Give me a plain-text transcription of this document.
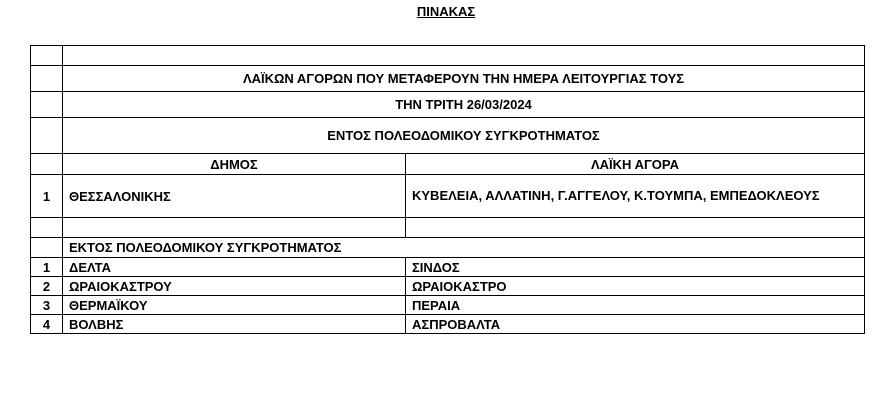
ΠΙΝΑΚΑΣ

	ΛΑΪΚΩΝ ΑΓΟΡΩΝ ΠΟΥ ΜΕΤΑΦΕΡΟΥΝ ΤΗΝ ΗΜΕΡΑ ΛΕΙΤΟΥΡΓΙΑΣ ΤΟΥΣ	
	ΤΗΝ ΤΡΙΤΗ 26/03/2024	
	ΕΝΤΟΣ ΠΟΛΕΟΔΟΜΙΚΟΥ ΣΥΓΚΡΟΤΗΜΑΤΟΣ	
	ΔΗΜΟΣ	ΛΑΪΚΗ ΑΓΟΡΑ
1	ΘΕΣΣΑΛΟΝΙΚΗΣ	ΚΥΒΕΛΕΙΑ, ΑΛΛΑΤΙΝΗ, Γ.ΑΓΓΕΛΟΥ, Κ.ΤΟΥΜΠΑ, ΕΜΠΕΔΟΚΛΕΟΥΣ

	ΕΚΤΟΣ ΠΟΛΕΟΔΟΜΙΚΟΥ ΣΥΓΚΡΟΤΗΜΑΤΟΣ	
1	ΔΕΛΤΑ	ΣΙΝΔΟΣ
2	ΩΡΑΙΟΚΑΣΤΡΟΥ	ΩΡΑΙΟΚΑΣΤΡΟ
3	ΘΕΡΜΑΪΚΟΥ	ΠΕΡΑΙΑ
4	ΒΟΛΒΗΣ	ΑΣΠΡΟΒΑΛΤΑ
